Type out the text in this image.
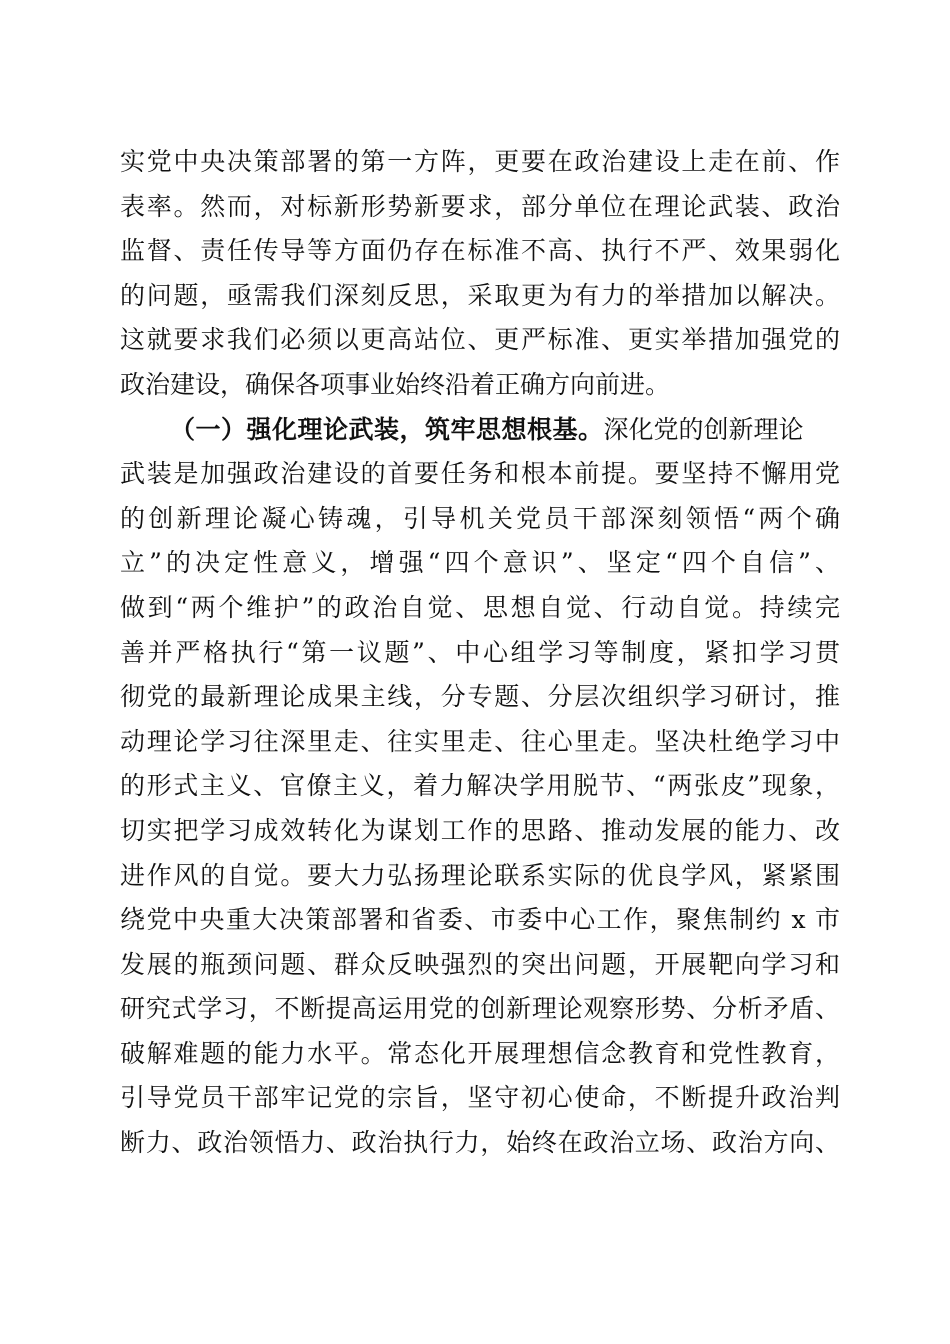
实党中央决策部署的第一方阵，更要在政治建设上走在前、作
表率。然而，对标新形势新要求，部分单位在理论武装、政治
监督、责任传导等方面仍存在标准不高、执行不严、效果弱化
的问题，亟需我们深刻反思，采取更为有力的举措加以解决。
这就要求我们必须以更高站位、更严标准、更实举措加强党的
政治建设，确保各项事业始终沿着正确方向前进。
（一）强化理论武装，筑牢思想根基。深化党的创新理论
武装是加强政治建设的首要任务和根本前提。要坚持不懈用党
的创新理论凝心铸魂，引导机关党员干部深刻领悟“两个确
立”的决定性意义，增强“四个意识”、坚定“四个自信”、
做到“两个维护”的政治自觉、思想自觉、行动自觉。持续完
善并严格执行“第一议题”、中心组学习等制度，紧扣学习贯
彻党的最新理论成果主线，分专题、分层次组织学习研讨，推
动理论学习往深里走、往实里走、往心里走。坚决杜绝学习中
的形式主义、官僚主义，着力解决学用脱节、“两张皮”现象，
切实把学习成效转化为谋划工作的思路、推动发展的能力、改
进作风的自觉。要大力弘扬理论联系实际的优良学风，紧紧围
绕党中央重大决策部署和省委、市委中心工作，聚焦制约 x 市
发展的瓶颈问题、群众反映强烈的突出问题，开展靶向学习和
研究式学习，不断提高运用党的创新理论观察形势、分析矛盾、
破解难题的能力水平。常态化开展理想信念教育和党性教育，
引导党员干部牢记党的宗旨，坚守初心使命，不断提升政治判
断力、政治领悟力、政治执行力，始终在政治立场、政治方向、
